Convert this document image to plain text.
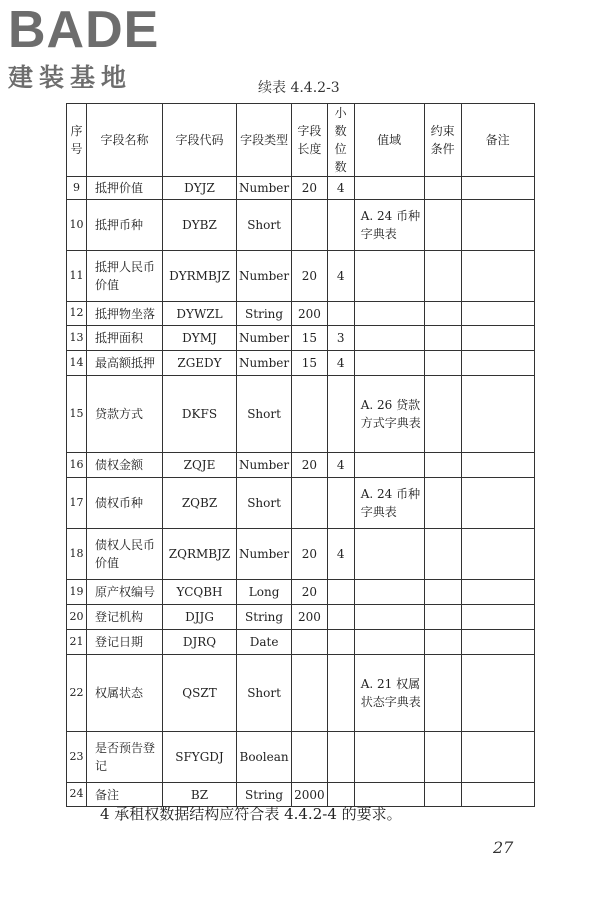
BADE
建装基地	续表 4.4.2-3
序号	字段名称	字段代码	字段类型	字段长度	小数位数	值域	约束条件	备注
9	抵押价值	DYJZ	Number	20	4			
10	抵押币种	DYBZ	Short			A. 24 币种字典表		
11	抵押人民币价值	DYRMBJZ	Number	20	4			
12	抵押物坐落	DYWZL	String	200				
13	抵押面积	DYMJ	Number	15	3			
14	最高额抵押	ZGEDY	Number	15	4			
15	贷款方式	DKFS	Short			A. 26 贷款方式字典表		
16	债权金额	ZQJE	Number	20	4			
17	债权币种	ZQBZ	Short			A. 24 币种字典表		
18	债权人民币价值	ZQRMBJZ	Number	20	4			
19	原产权编号	YCQBH	Long	20				
20	登记机构	DJJG	String	200				
21	登记日期	DJRQ	Date					
22	权属状态	QSZT	Short			A. 21 权属状态字典表		
23	是否预告登记	SFYGDJ	Boolean					
24	备注	BZ	String	2000				
4 承租权数据结构应符合表 4.4.2-4 的要求。
27
